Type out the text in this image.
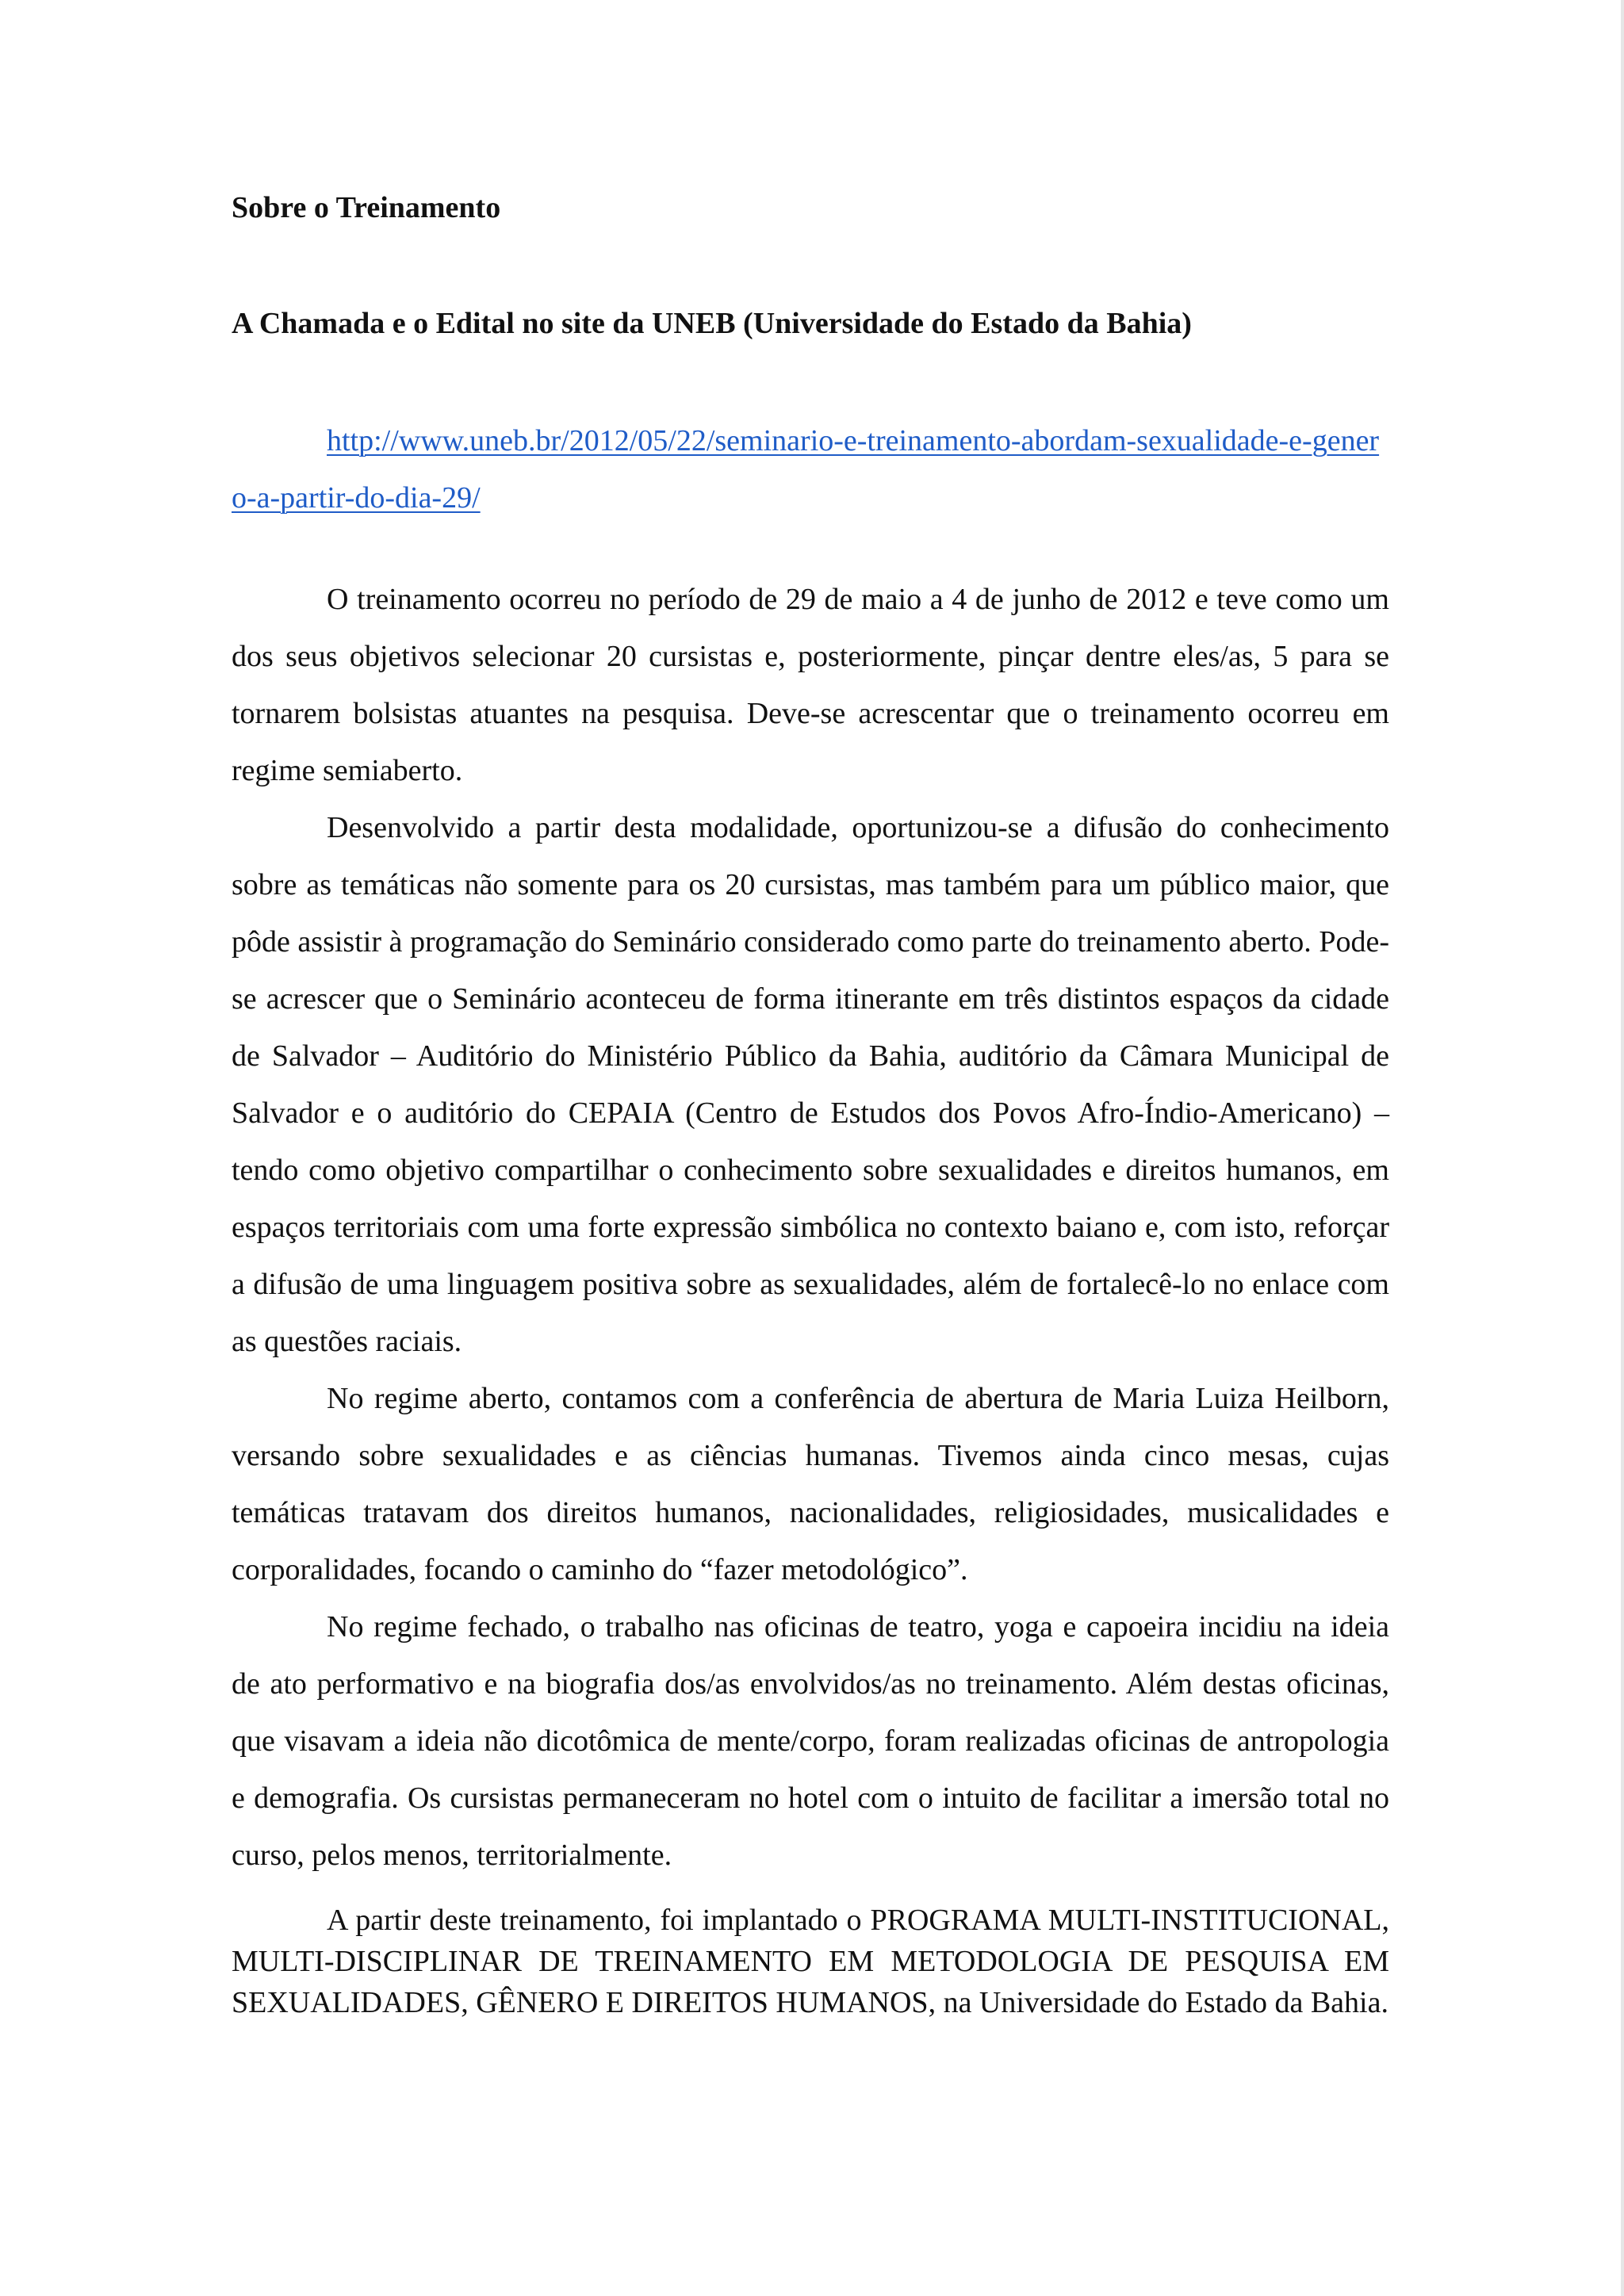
Sobre o Treinamento

A Chamada e o Edital no site da UNEB (Universidade do Estado da Bahia)

http://www.uneb.br/2012/05/22/seminario-e-treinamento-abordam-sexualidade-e-genero-a-partir-do-dia-29/

O treinamento ocorreu no período de 29 de maio a 4 de junho de 2012 e teve como um dos seus objetivos selecionar 20 cursistas e, posteriormente, pinçar dentre eles/as, 5 para se tornarem bolsistas atuantes na pesquisa. Deve-se acrescentar que o treinamento ocorreu em regime semiaberto.

Desenvolvido a partir desta modalidade, oportunizou-se a difusão do conhecimento sobre as temáticas não somente para os 20 cursistas, mas também para um público maior, que pôde assistir à programação do Seminário considerado como parte do treinamento aberto. Pode-se acrescer que o Seminário aconteceu de forma itinerante em três distintos espaços da cidade de Salvador – Auditório do Ministério Público da Bahia, auditório da Câmara Municipal de Salvador e o auditório do CEPAIA (Centro de Estudos dos Povos Afro-Índio-Americano) – tendo como objetivo compartilhar o conhecimento sobre sexualidades e direitos humanos, em espaços territoriais com uma forte expressão simbólica no contexto baiano e, com isto, reforçar a difusão de uma linguagem positiva sobre as sexualidades, além de fortalecê-lo no enlace com as questões raciais.

No regime aberto, contamos com a conferência de abertura de Maria Luiza Heilborn, versando sobre sexualidades e as ciências humanas. Tivemos ainda cinco mesas, cujas temáticas tratavam dos direitos humanos, nacionalidades, religiosidades, musicalidades e corporalidades, focando o caminho do “fazer metodológico”.

No regime fechado, o trabalho nas oficinas de teatro, yoga e capoeira incidiu na ideia de ato performativo e na biografia dos/as envolvidos/as no treinamento. Além destas oficinas, que visavam a ideia não dicotômica de mente/corpo, foram realizadas oficinas de antropologia e demografia. Os cursistas permaneceram no hotel com o intuito de facilitar a imersão total no curso, pelos menos, territorialmente.

A partir deste treinamento, foi implantado o PROGRAMA MULTI-INSTITUCIONAL, MULTI-DISCIPLINAR DE TREINAMENTO EM METODOLOGIA DE PESQUISA EM SEXUALIDADES, GÊNERO E DIREITOS HUMANOS, na Universidade do Estado da Bahia.
